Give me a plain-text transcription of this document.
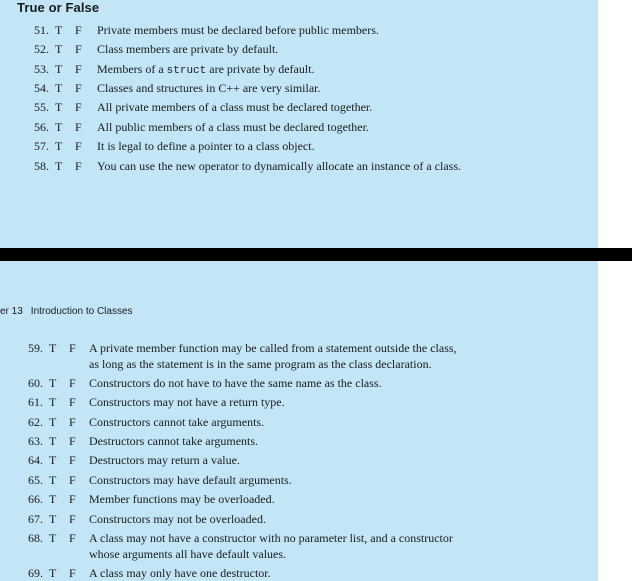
True or False
51. T F Private members must be declared before public members.
52. T F Class members are private by default.
53. T F Members of a struct are private by default.
54. T F Classes and structures in C++ are very similar.
55. T F All private members of a class must be declared together.
56. T F All public members of a class must be declared together.
57. T F It is legal to define a pointer to a class object.
58. T F You can use the new operator to dynamically allocate an instance of a class.
er 13 Introduction to Classes
59. T F A private member function may be called from a statement outside the class,
as long as the statement is in the same program as the class declaration.
60. T F Constructors do not have to have the same name as the class.
61. T F Constructors may not have a return type.
62. T F Constructors cannot take arguments.
63. T F Destructors cannot take arguments.
64. T F Destructors may return a value.
65. T F Constructors may have default arguments.
66. T F Member functions may be overloaded.
67. T F Constructors may not be overloaded.
68. T F A class may not have a constructor with no parameter list, and a constructor
whose arguments all have default values.
69. T F A class may only have one destructor.
